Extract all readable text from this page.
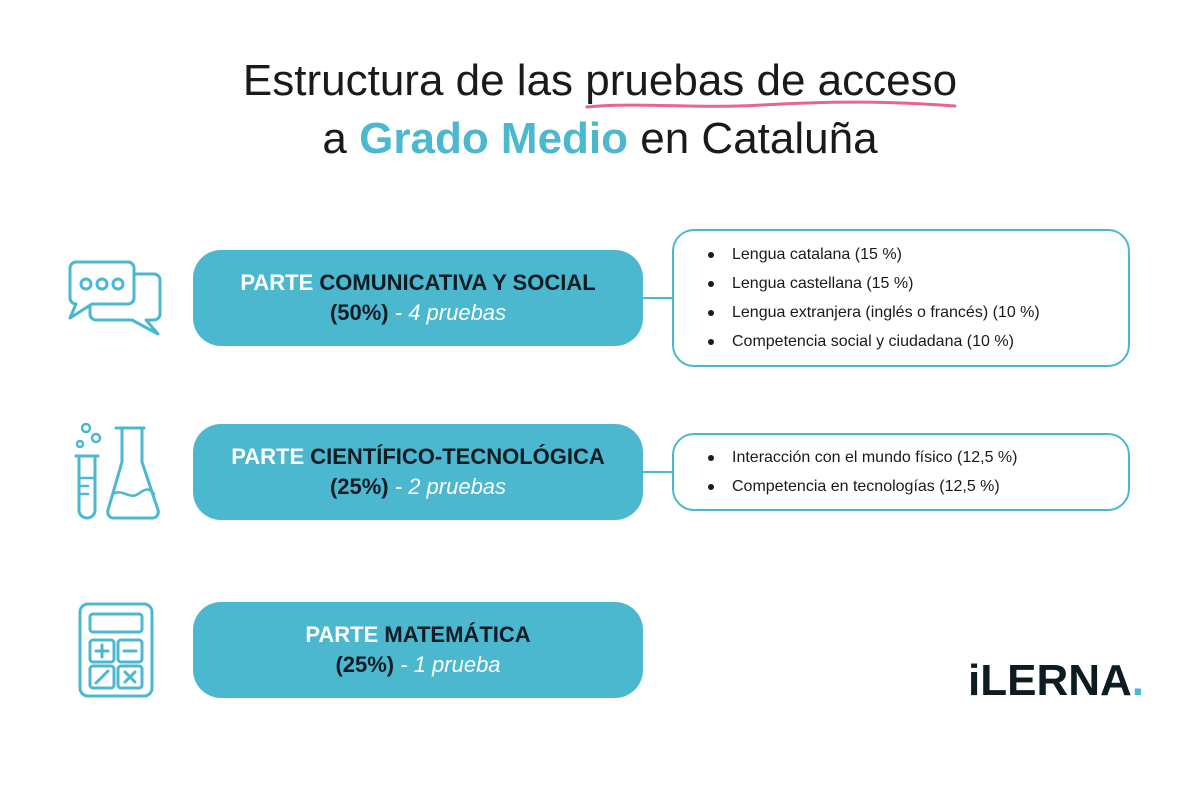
Estructura de las pruebas de acceso
a Grado Medio en Cataluña
PARTE COMUNICATIVA Y SOCIAL
(50%) - 4 pruebas
Lengua catalana (15 %)
Lengua castellana (15 %)
Lengua extranjera (inglés o francés) (10 %)
Competencia social y ciudadana (10 %)
PARTE CIENTÍFICO-TECNOLÓGICA
(25%) - 2 pruebas
Interacción con el mundo físico (12,5 %)
Competencia en tecnologías (12,5 %)
PARTE MATEMÁTICA
(25%) - 1 prueba	iLERNA.
